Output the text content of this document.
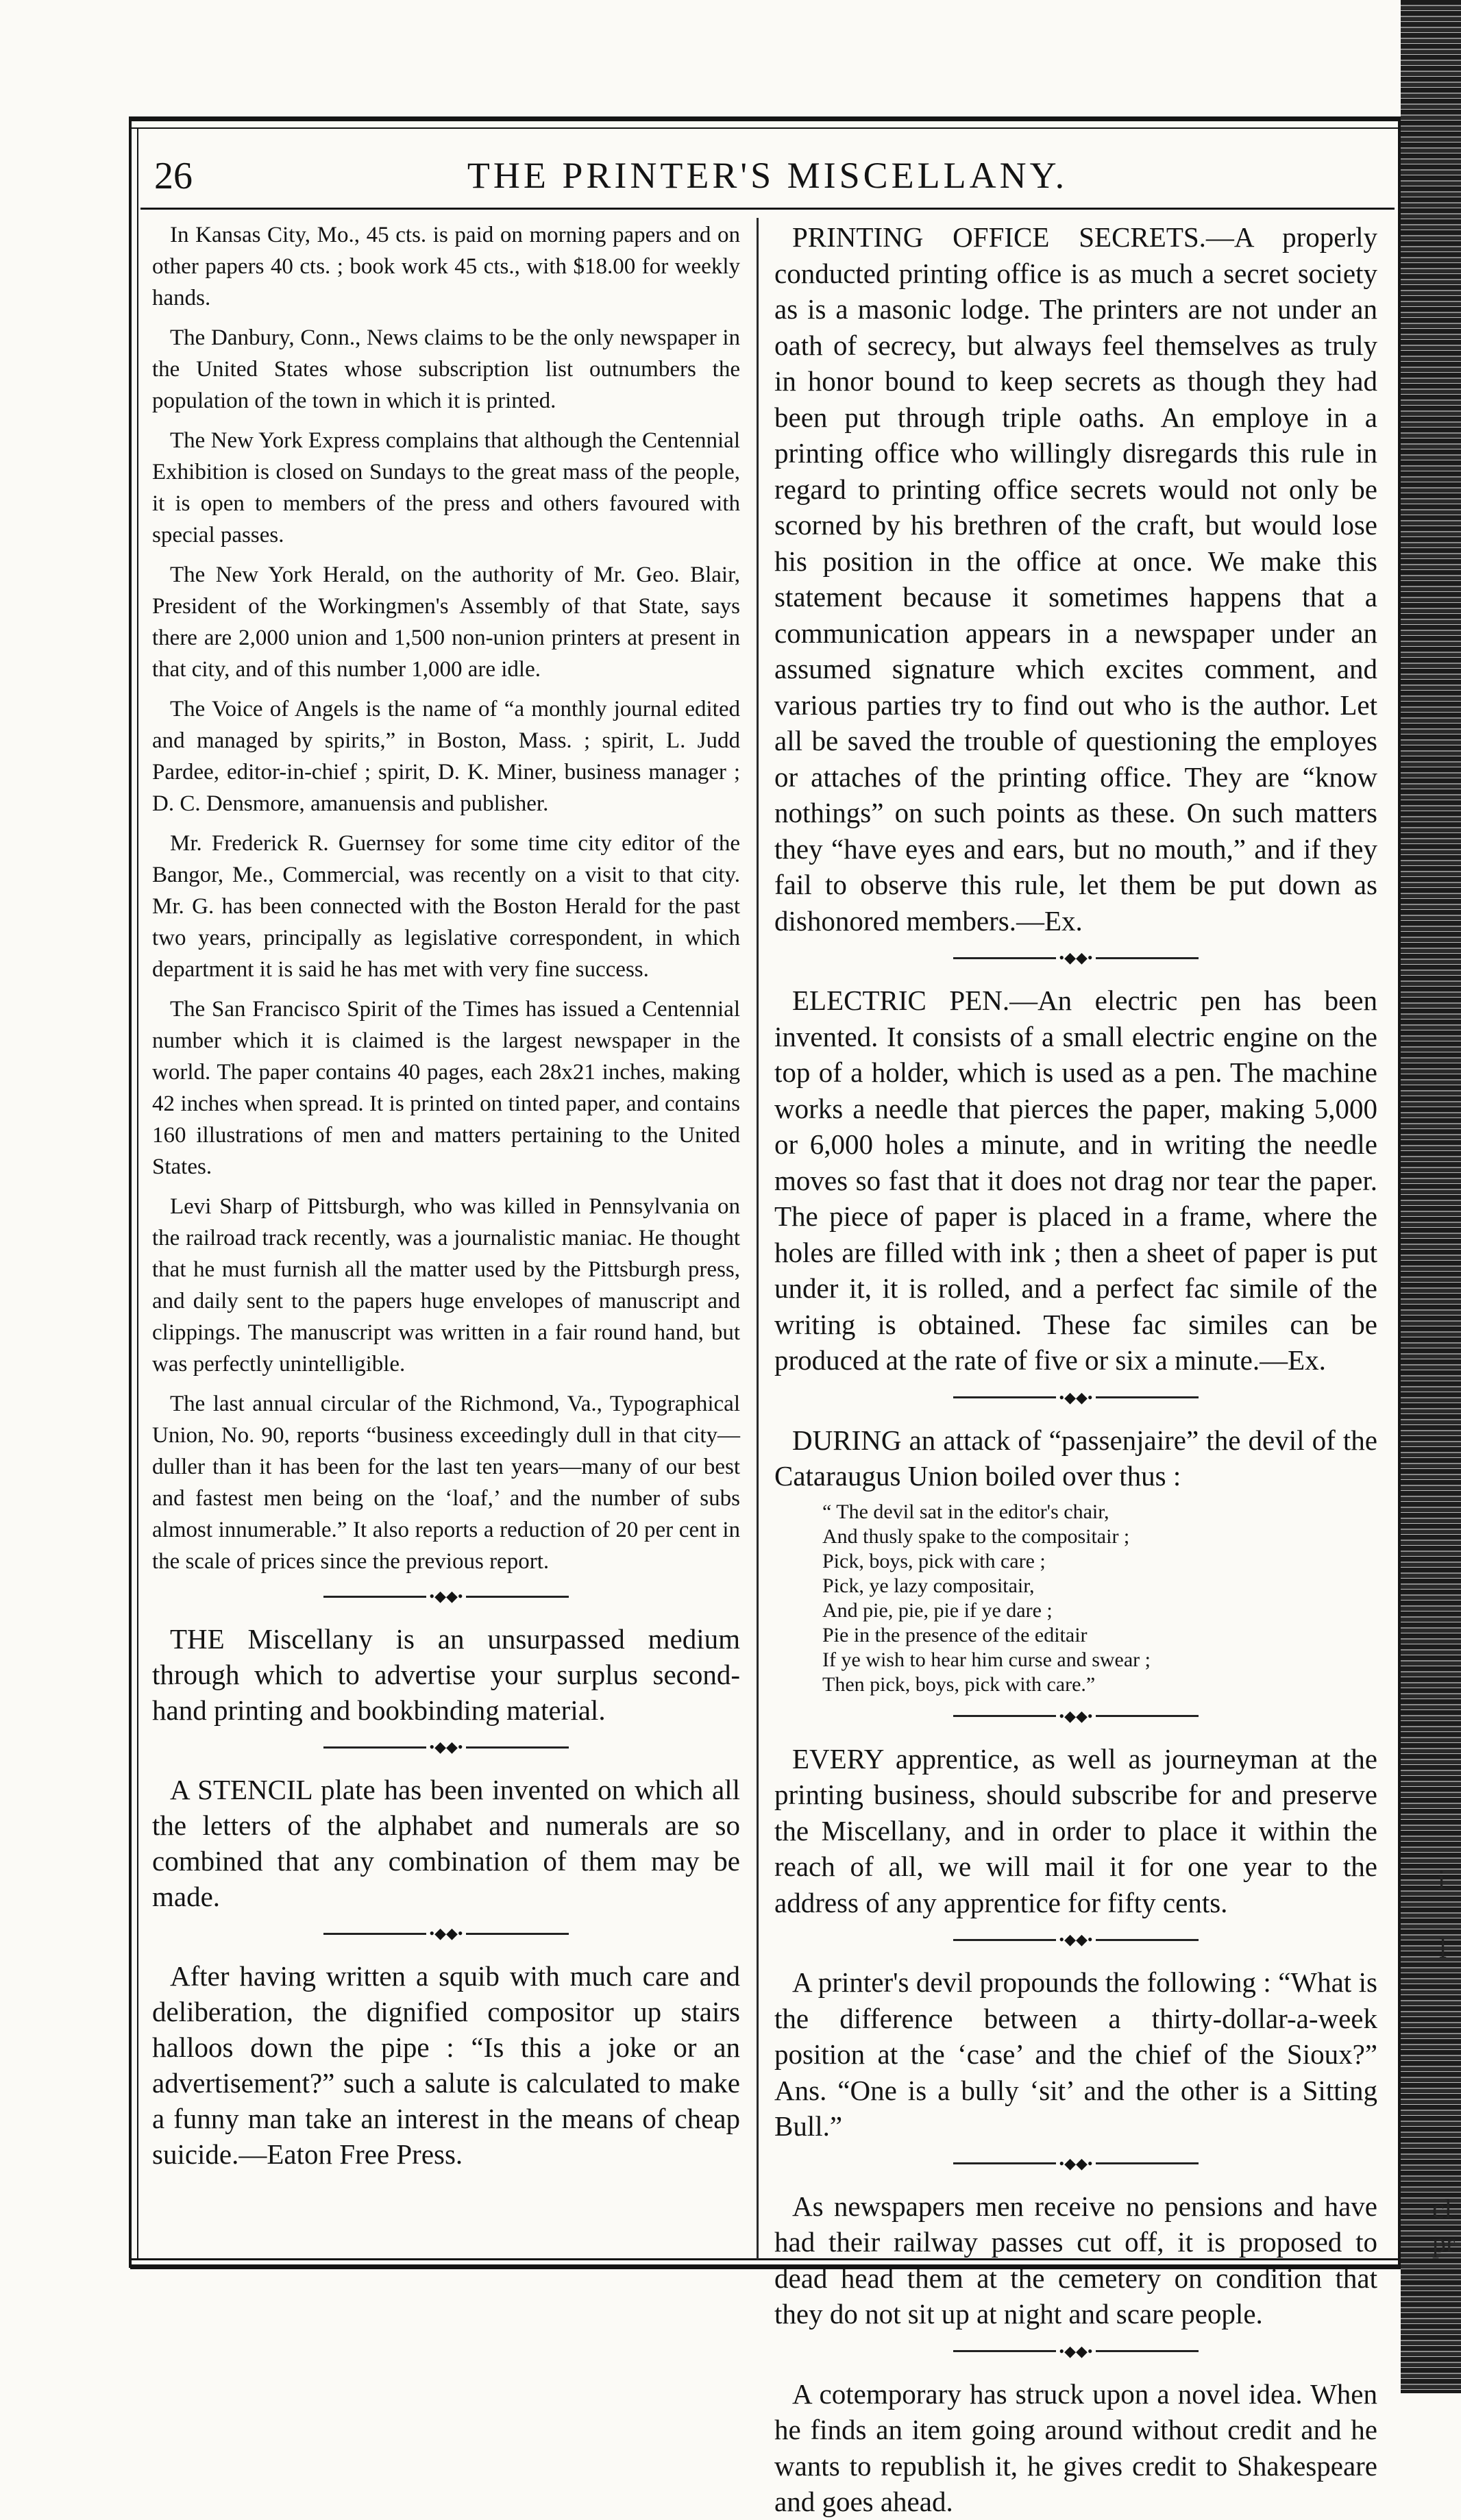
26	THE PRINTER'S MISCELLANY.

In Kansas City, Mo., 45 cts. is paid on morning papers and on other papers 40 cts. ; book work 45 cts., with $18.00 for weekly hands.

The Danbury, Conn., News claims to be the only newspaper in the United States whose subscription list outnumbers the population of the town in which it is printed.

The New York Express complains that although the Centennial Exhibition is closed on Sundays to the great mass of the people, it is open to members of the press and others favoured with special passes.

The New York Herald, on the authority of Mr. Geo. Blair, President of the Workingmen's Assembly of that State, says there are 2,000 union and 1,500 non-union printers at present in that city, and of this number 1,000 are idle.

The Voice of Angels is the name of “a monthly journal edited and managed by spirits,” in Boston, Mass. ; spirit, L. Judd Pardee, editor-in-chief ; spirit, D. K. Miner, business manager ; D. C. Densmore, amanuensis and publisher.

Mr. Frederick R. Guernsey for some time city editor of the Bangor, Me., Commercial, was recently on a visit to that city. Mr. G. has been connected with the Boston Herald for the past two years, principally as legislative correspondent, in which department it is said he has met with very fine success.

The San Francisco Spirit of the Times has issued a Centennial number which it is claimed is the largest newspaper in the world. The paper contains 40 pages, each 28x21 inches, making 42 inches when spread. It is printed on tinted paper, and contains 160 illustrations of men and matters pertaining to the United States.

Levi Sharp of Pittsburgh, who was killed in Pennsylvania on the railroad track recently, was a journalistic maniac. He thought that he must furnish all the matter used by the Pittsburgh press, and daily sent to the papers huge envelopes of manuscript and clippings. The manuscript was written in a fair round hand, but was perfectly unintelligible.

The last annual circular of the Richmond, Va., Typographical Union, No. 90, reports “business exceedingly dull in that city—duller than it has been for the last ten years—many of our best and fastest men being on the ‘loaf,’ and the number of subs almost innumerable.” It also reports a reduction of 20 per cent in the scale of prices since the previous report.

•◆◆•

THE Miscellany is an unsurpassed medium through which to advertise your surplus second-hand printing and bookbinding material.

•◆◆•

A STENCIL plate has been invented on which all the letters of the alphabet and numerals are so combined that any combination of them may be made.

•◆◆•

After having written a squib with much care and deliberation, the dignified compositor up stairs halloos down the pipe : “Is this a joke or an advertisement?” such a salute is calculated to make a funny man take an interest in the means of cheap suicide.—Eaton Free Press.

PRINTING OFFICE SECRETS.—A properly conducted printing office is as much a secret society as is a masonic lodge. The printers are not under an oath of secrecy, but always feel themselves as truly in honor bound to keep secrets as though they had been put through triple oaths. An employe in a printing office who willingly disregards this rule in regard to printing office secrets would not only be scorned by his brethren of the craft, but would lose his position in the office at once. We make this statement because it sometimes happens that a communication appears in a newspaper under an assumed signature which excites comment, and various parties try to find out who is the author. Let all be saved the trouble of questioning the employes or attaches of the printing office. They are “know nothings” on such points as these. On such matters they “have eyes and ears, but no mouth,” and if they fail to observe this rule, let them be put down as dishonored members.—Ex.

•◆◆•

ELECTRIC PEN.—An electric pen has been invented. It consists of a small electric engine on the top of a holder, which is used as a pen. The machine works a needle that pierces the paper, making 5,000 or 6,000 holes a minute, and in writing the needle moves so fast that it does not drag nor tear the paper. The piece of paper is placed in a frame, where the holes are filled with ink ; then a sheet of paper is put under it, it is rolled, and a perfect fac simile of the writing is obtained. These fac similes can be produced at the rate of five or six a minute.—Ex.

•◆◆•

DURING an attack of “passenjaire” the devil of the Cataraugus Union boiled over thus :

“ The devil sat in the editor's chair,
And thusly spake to the compositair ;
Pick, boys, pick with care ;
Pick, ye lazy compositair,
And pie, pie, pie if ye dare ;
Pie in the presence of the editair
If ye wish to hear him curse and swear ;
Then pick, boys, pick with care.”
•◆◆•

EVERY apprentice, as well as journeyman at the printing business, should subscribe for and preserve the Miscellany, and in order to place it within the reach of all, we will mail it for one year to the address of any apprentice for fifty cents.

•◆◆•

A printer's devil propounds the following : “What is the difference between a thirty-dollar-a-week position at the ‘case’ and the chief of the Sioux?” Ans. “One is a bully ‘sit’ and the other is a Sitting Bull.”

•◆◆•

As newspapers men receive no pensions and have had their railway passes cut off, it is proposed to dead head them at the cemetery on condition that they do not sit up at night and scare people.

•◆◆•

A cotemporary has struck upon a novel idea. When he finds an item going around without credit and he wants to republish it, he gives credit to Shakespeare and goes ahead.

i
l
cl
pr
